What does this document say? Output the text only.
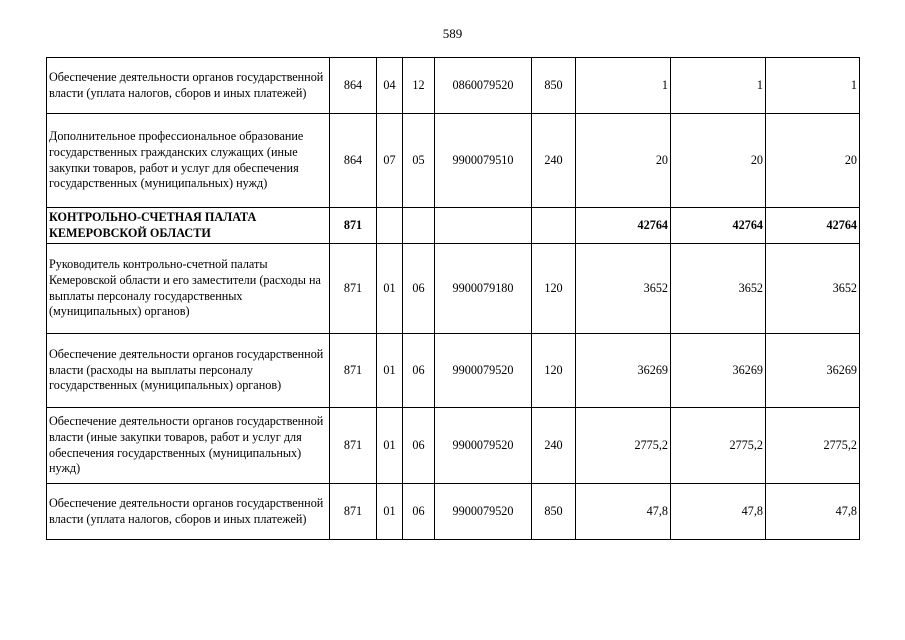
589
Обеспечение деятельности органов государственной власти (уплата налогов, сборов и иных платежей)	864	04	12	0860079520	850	1	1	1
Дополнительное профессиональное образование государственных гражданских служащих (иные закупки товаров, работ и услуг для обеспечения государственных (муниципальных) нужд)	864	07	05	9900079510	240	20	20	20
КОНТРОЛЬНО-СЧЕТНАЯ ПАЛАТА КЕМЕРОВСКОЙ ОБЛАСТИ	871					42764	42764	42764
Руководитель контрольно-счетной палаты Кемеровской области и его заместители (расходы на выплаты персоналу государственных (муниципальных) органов)	871	01	06	9900079180	120	3652	3652	3652
Обеспечение деятельности органов государственной власти (расходы на выплаты персоналу государственных (муниципальных) органов)	871	01	06	9900079520	120	36269	36269	36269
Обеспечение деятельности органов государственной власти (иные закупки товаров, работ и услуг для обеспечения государственных (муниципальных) нужд)	871	01	06	9900079520	240	2775,2	2775,2	2775,2
Обеспечение деятельности органов государственной власти (уплата налогов, сборов и иных платежей)	871	01	06	9900079520	850	47,8	47,8	47,8
